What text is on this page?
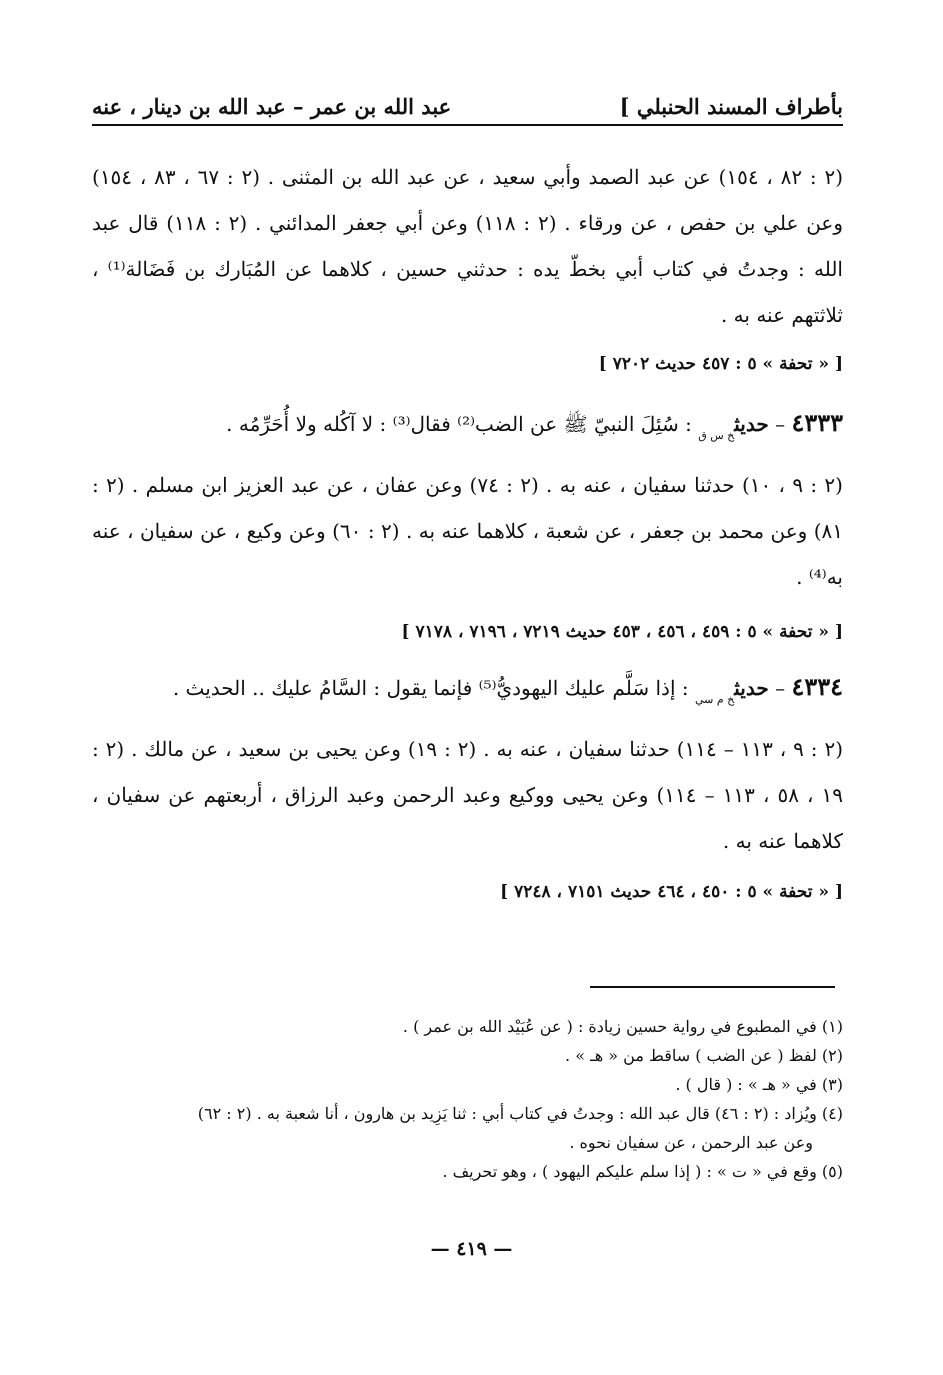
بأطراف المسند الحنبلي ]
عبد الله بن عمر – عبد الله بن دينار ، عنه
(٢ : ٨٢ ، ١٥٤) عن عبد الصمد وأبي سعيد ، عن عبد الله بن المثنى . (٢ : ٦٧ ، ٨٣ ، ١٥٤) وعن علي بن حفص ، عن ورقاء . (٢ : ١١٨) وعن أبي جعفر المدائني . (٢ : ١١٨) قال عبد الله : وجدتُ في كتاب أبي بخطّ يده : حدثني حسين ، كلاهما عن المُبَارك بن فَضَالة⁽¹⁾ ، ثلاثتهم عنه به .
[ « تحفة » ٥ : ٤٥٧ حديث ٧٢٠٢ ]
٤٣٣٣ – حديث$_{خ س ق}$ : سُئِلَ النبيّ ﷺ عن الضب⁽²⁾ فقال⁽³⁾ : لا آكُله ولا أُحَرِّمُه .
(٢ : ٩ ، ١٠) حدثنا سفيان ، عنه به . (٢ : ٧٤) وعن عفان ، عن عبد العزيز ابن مسلم . (٢ : ٨١) وعن محمد بن جعفر ، عن شعبة ، كلاهما عنه به . (٢ : ٦٠) وعن وكيع ، عن سفيان ، عنه به⁽⁴⁾ .
[ « تحفة » ٥ : ٤٥٩ ، ٤٥٦ ، ٤٥٣ حديث ٧٢١٩ ، ٧١٩٦ ، ٧١٧٨ ]
٤٣٣٤ – حديث$_{خ م سي}$ : إذا سَلَّم عليك اليهوديُّ⁽⁵⁾ فإنما يقول : السَّامُ عليك .. الحديث .
(٢ : ٩ ، ١١٣ – ١١٤) حدثنا سفيان ، عنه به . (٢ : ١٩) وعن يحيى بن سعيد ، عن مالك . (٢ : ١٩ ، ٥٨ ، ١١٣ – ١١٤) وعن يحيى ووكيع وعبد الرحمن وعبد الرزاق ، أربعتهم عن سفيان ، كلاهما عنه به .
[ « تحفة » ٥ : ٤٥٠ ، ٤٦٤ حديث ٧١٥١ ، ٧٢٤٨ ]

(١) في المطبوع في رواية حسين زيادة : ( عن عُبَيْد الله بن عمر ) .

(٢) لفظ ( عن الضب ) ساقط من « هـ » .

(٣) في « هـ » : ( قال ) .

(٤) ويُزاد : (٢ : ٤٦) قال عبد الله : وجدتُ في كتاب أبي : ثنا يَزِيد بن هارون ، أنا شعبة به . (٢ : ٦٢)

وعن عبد الرحمن ، عن سفيان نحوه .

(٥) وقع في « ت » : ( إذا سلم عليكم اليهود ) ، وهو تحريف .

— ٤١٩ —
